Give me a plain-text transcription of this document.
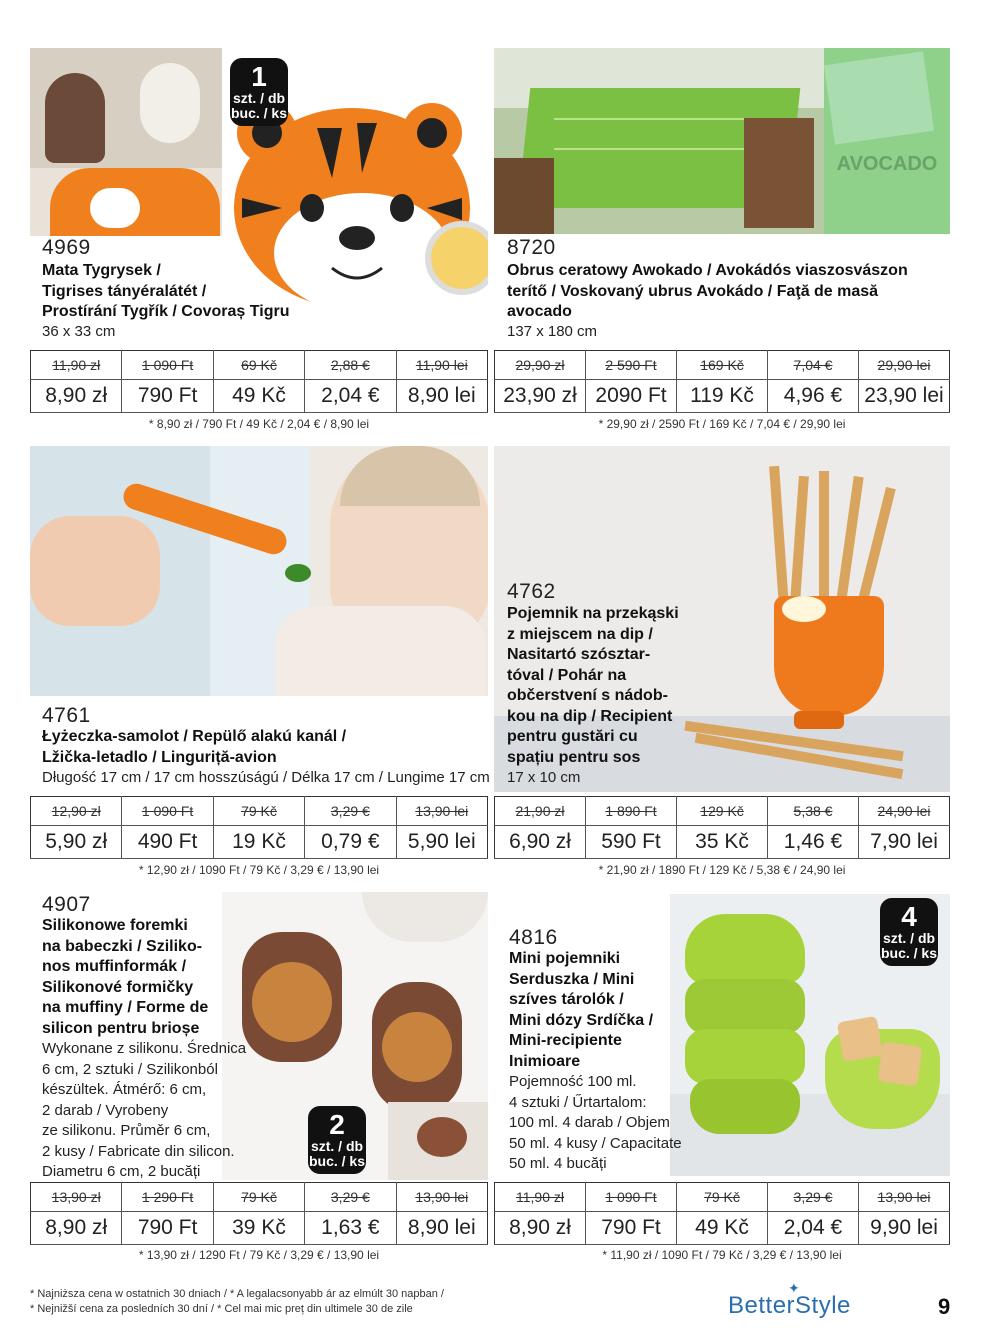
1
szt. / db
buc. / ks
4969
Mata Tygrysek /
Tigrises tányéralátét /
Prostírání Tygřík / Covoraș Tigru
36 x 33 cm
11,90 zł	1 090 Ft	69 Kč	2,88 €	11,90 lei
8,90 zł	790 Ft	49 Kč	2,04 €	8,90 lei
* 8,90 zł / 790 Ft / 49 Kč / 2,04 € / 8,90 lei
AVOCADO
8720
Obrus ceratowy Awokado / Avokádós viaszosvászon
terítő / Voskovaný ubrus Avokádo / Faţă de masă
avocado
137 x 180 cm
29,90 zł	2 590 Ft	169 Kč	7,04 €	29,90 lei
23,90 zł	2090 Ft	119 Kč	4,96 €	23,90 lei
* 29,90 zł / 2590 Ft / 169 Kč / 7,04 € / 29,90 lei
4761
Łyżeczka-samolot / Repülő alakú kanál /
Lžička-letadlo / Linguriță-avion
Długość 17 cm / 17 cm hosszúságú / Délka 17 cm / Lungime 17 cm
12,90 zł	1 090 Ft	79 Kč	3,29 €	13,90 lei
5,90 zł	490 Ft	19 Kč	0,79 €	5,90 lei
* 12,90 zł / 1090 Ft / 79 Kč / 3,29 € / 13,90 lei
4762
Pojemnik na przekąski
z miejscem na dip /
Nasitartó szósztar-
tóval / Pohár na
občerstvení s nádob-
kou na dip / Recipient
pentru gustări cu
spațiu pentru sos
17 x 10 cm
21,90 zł	1 890 Ft	129 Kč	5,38 €	24,90 lei
6,90 zł	590 Ft	35 Kč	1,46 €	7,90 lei
* 21,90 zł / 1890 Ft / 129 Kč / 5,38 € / 24,90 lei
2
szt. / db
buc. / ks
4907
Silikonowe foremki
na babeczki / Sziliko-
nos muffinformák /
Silikonové formičky
na muffiny / Forme de
silicon pentru brioșe
Wykonane z silikonu. Średnica
6 cm, 2 sztuki / Szilikonból
készültek. Átmérő: 6 cm,
2 darab / Vyrobeny
ze silikonu. Průměr 6 cm,
2 kusy / Fabricate din silicon.
Diametru 6 cm, 2 bucăți
13,90 zł	1 290 Ft	79 Kč	3,29 €	13,90 lei
8,90 zł	790 Ft	39 Kč	1,63 €	8,90 lei
* 13,90 zł / 1290 Ft / 79 Kč / 3,29 € / 13,90 lei
4
szt. / db
buc. / ks
4816
Mini pojemniki
Serduszka / Mini
szíves tárolók /
Mini dózy Srdíčka /
Mini-recipiente
Inimioare
Pojemność 100 ml.
4 sztuki / Űrtartalom:
100 ml. 4 darab / Objem
50 ml. 4 kusy / Capacitate
50 ml. 4 bucăți
11,90 zł	1 090 Ft	79 Kč	3,29 €	13,90 lei
8,90 zł	790 Ft	49 Kč	2,04 €	9,90 lei
* 11,90 zł / 1090 Ft / 79 Kč / 3,29 € / 13,90 lei
* Najniższa cena w ostatnich 30 dniach / * A legalacsonyabb ár az elmúlt 30 napban /
* Nejnižší cena za posledních 30 dní / * Cel mai mic preț din ultimele 30 de zile
✦
BetterStyle	9
